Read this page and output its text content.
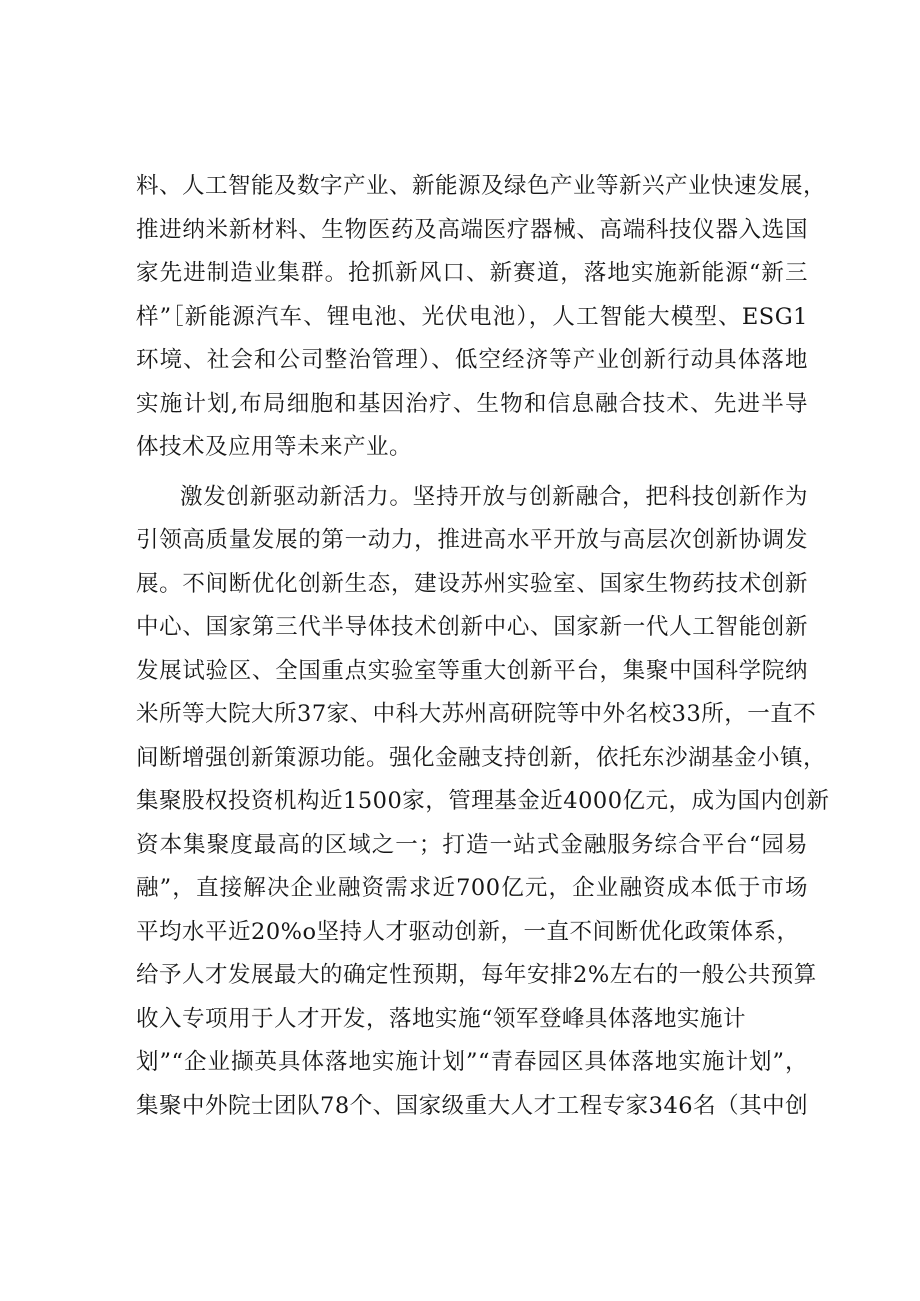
料、人工智能及数字产业、新能源及绿色产业等新兴产业快速发展，

推进纳米新材料、生物医药及高端医疗器械、高端科技仪器入选国

家先进制造业集群。抢抓新风口、新赛道，落地实施新能源“新三

样”［新能源汽车、锂电池、光伏电池），人工智能大模型、ESG1

环境、社会和公司整治管理）、低空经济等产业创新行动具体落地

实施计划,布局细胞和基因治疗、生物和信息融合技术、先进半导

体技术及应用等未来产业。

激发创新驱动新活力。坚持开放与创新融合，把科技创新作为

引领高质量发展的第一动力，推进高水平开放与高层次创新协调发

展。不间断优化创新生态，建设苏州实验室、国家生物药技术创新

中心、国家第三代半导体技术创新中心、国家新一代人工智能创新

发展试验区、全国重点实验室等重大创新平台，集聚中国科学院纳

米所等大院大所37家、中科大苏州高研院等中外名校33所，一直不

间断增强创新策源功能。强化金融支持创新，依托东沙湖基金小镇，

集聚股权投资机构近1500家，管理基金近4000亿元，成为国内创新

资本集聚度最高的区域之一；打造一站式金融服务综合平台“园易

融”，直接解决企业融资需求近700亿元，企业融资成本低于市场

平均水平近20%o坚持人才驱动创新，一直不间断优化政策体系，

给予人才发展最大的确定性预期，每年安排2%左右的一般公共预算

收入专项用于人才开发，落地实施“领军登峰具体落地实施计

划”“企业撷英具体落地实施计划”“青春园区具体落地实施计划”，

集聚中外院士团队78个、国家级重大人才工程专家346名（其中创
